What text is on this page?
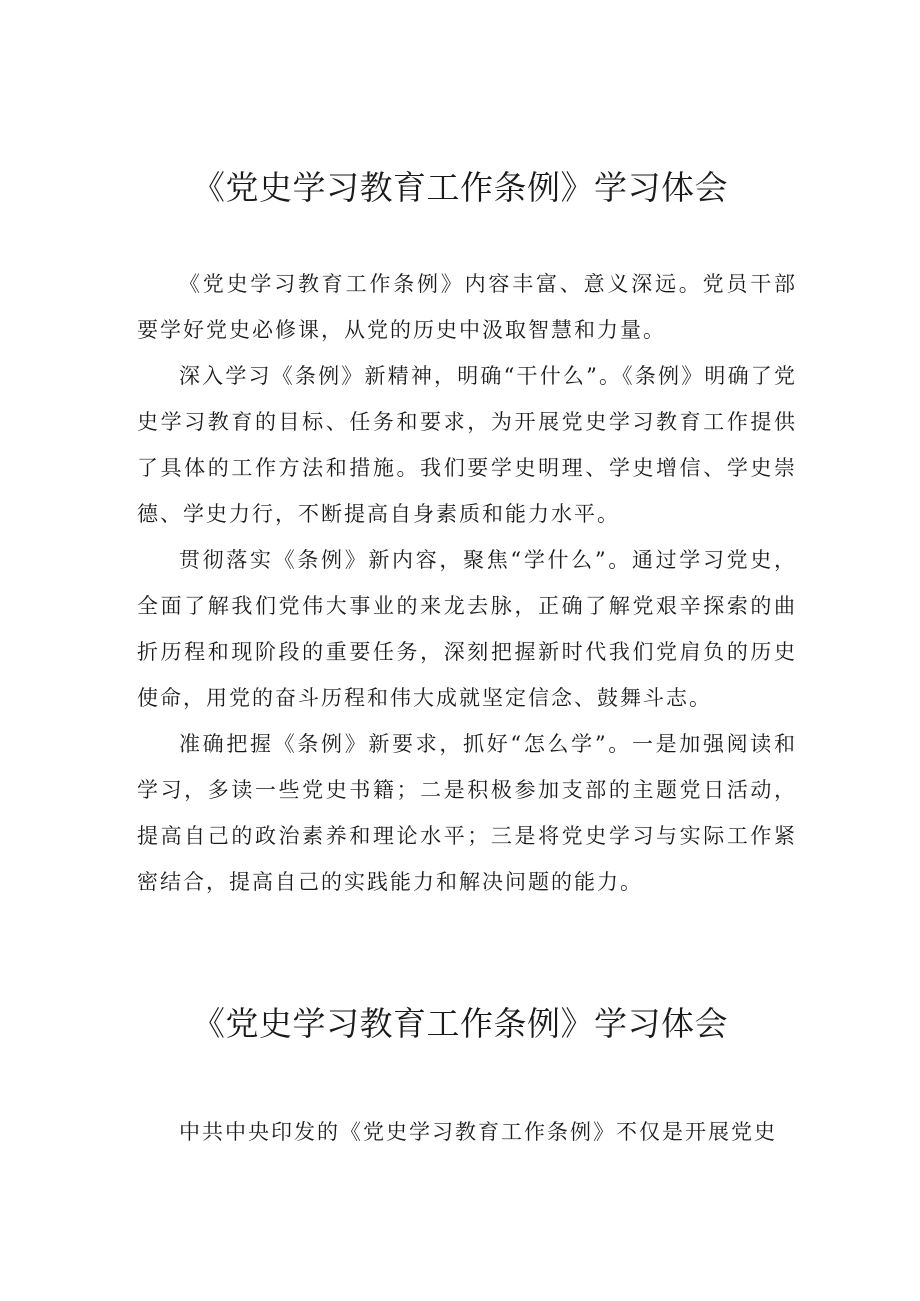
《党史学习教育工作条例》学习体会

《党史学习教育工作条例》内容丰富、意义深远。党员干部要学好党史必修课，从党的历史中汲取智慧和力量。

深入学习《条例》新精神，明确“干什么”。《条例》明确了党史学习教育的目标、任务和要求，为开展党史学习教育工作提供了具体的工作方法和措施。我们要学史明理、学史增信、学史崇德、学史力行，不断提高自身素质和能力水平。

贯彻落实《条例》新内容，聚焦“学什么”。通过学习党史，全面了解我们党伟大事业的来龙去脉，正确了解党艰辛探索的曲折历程和现阶段的重要任务，深刻把握新时代我们党肩负的历史使命，用党的奋斗历程和伟大成就坚定信念、鼓舞斗志。

准确把握《条例》新要求，抓好“怎么学”。一是加强阅读和学习，多读一些党史书籍；二是积极参加支部的主题党日活动，提高自己的政治素养和理论水平；三是将党史学习与实际工作紧密结合，提高自己的实践能力和解决问题的能力。

《党史学习教育工作条例》学习体会

中共中央印发的《党史学习教育工作条例》不仅是开展党史
